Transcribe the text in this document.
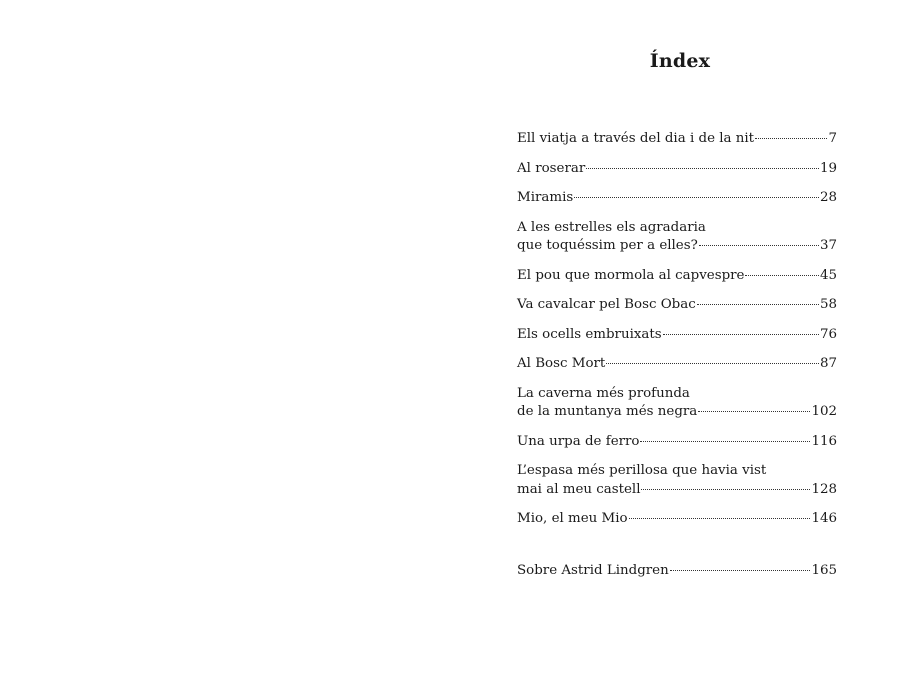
Índex
Ell viatja a través del dia i de la nit	7
Al roserar	19
Miramis	28
A les estrelles els agradaria
que toquéssim per a elles?	37
El pou que mormola al capvespre	45
Va cavalcar pel Bosc Obac	58
Els ocells embruixats	76
Al Bosc Mort	87
La caverna més profunda
de la muntanya més negra	102
Una urpa de ferro	116
L’espasa més perillosa que havia vist
mai al meu castell	128
Mio, el meu Mio	146
Sobre Astrid Lindgren	165
